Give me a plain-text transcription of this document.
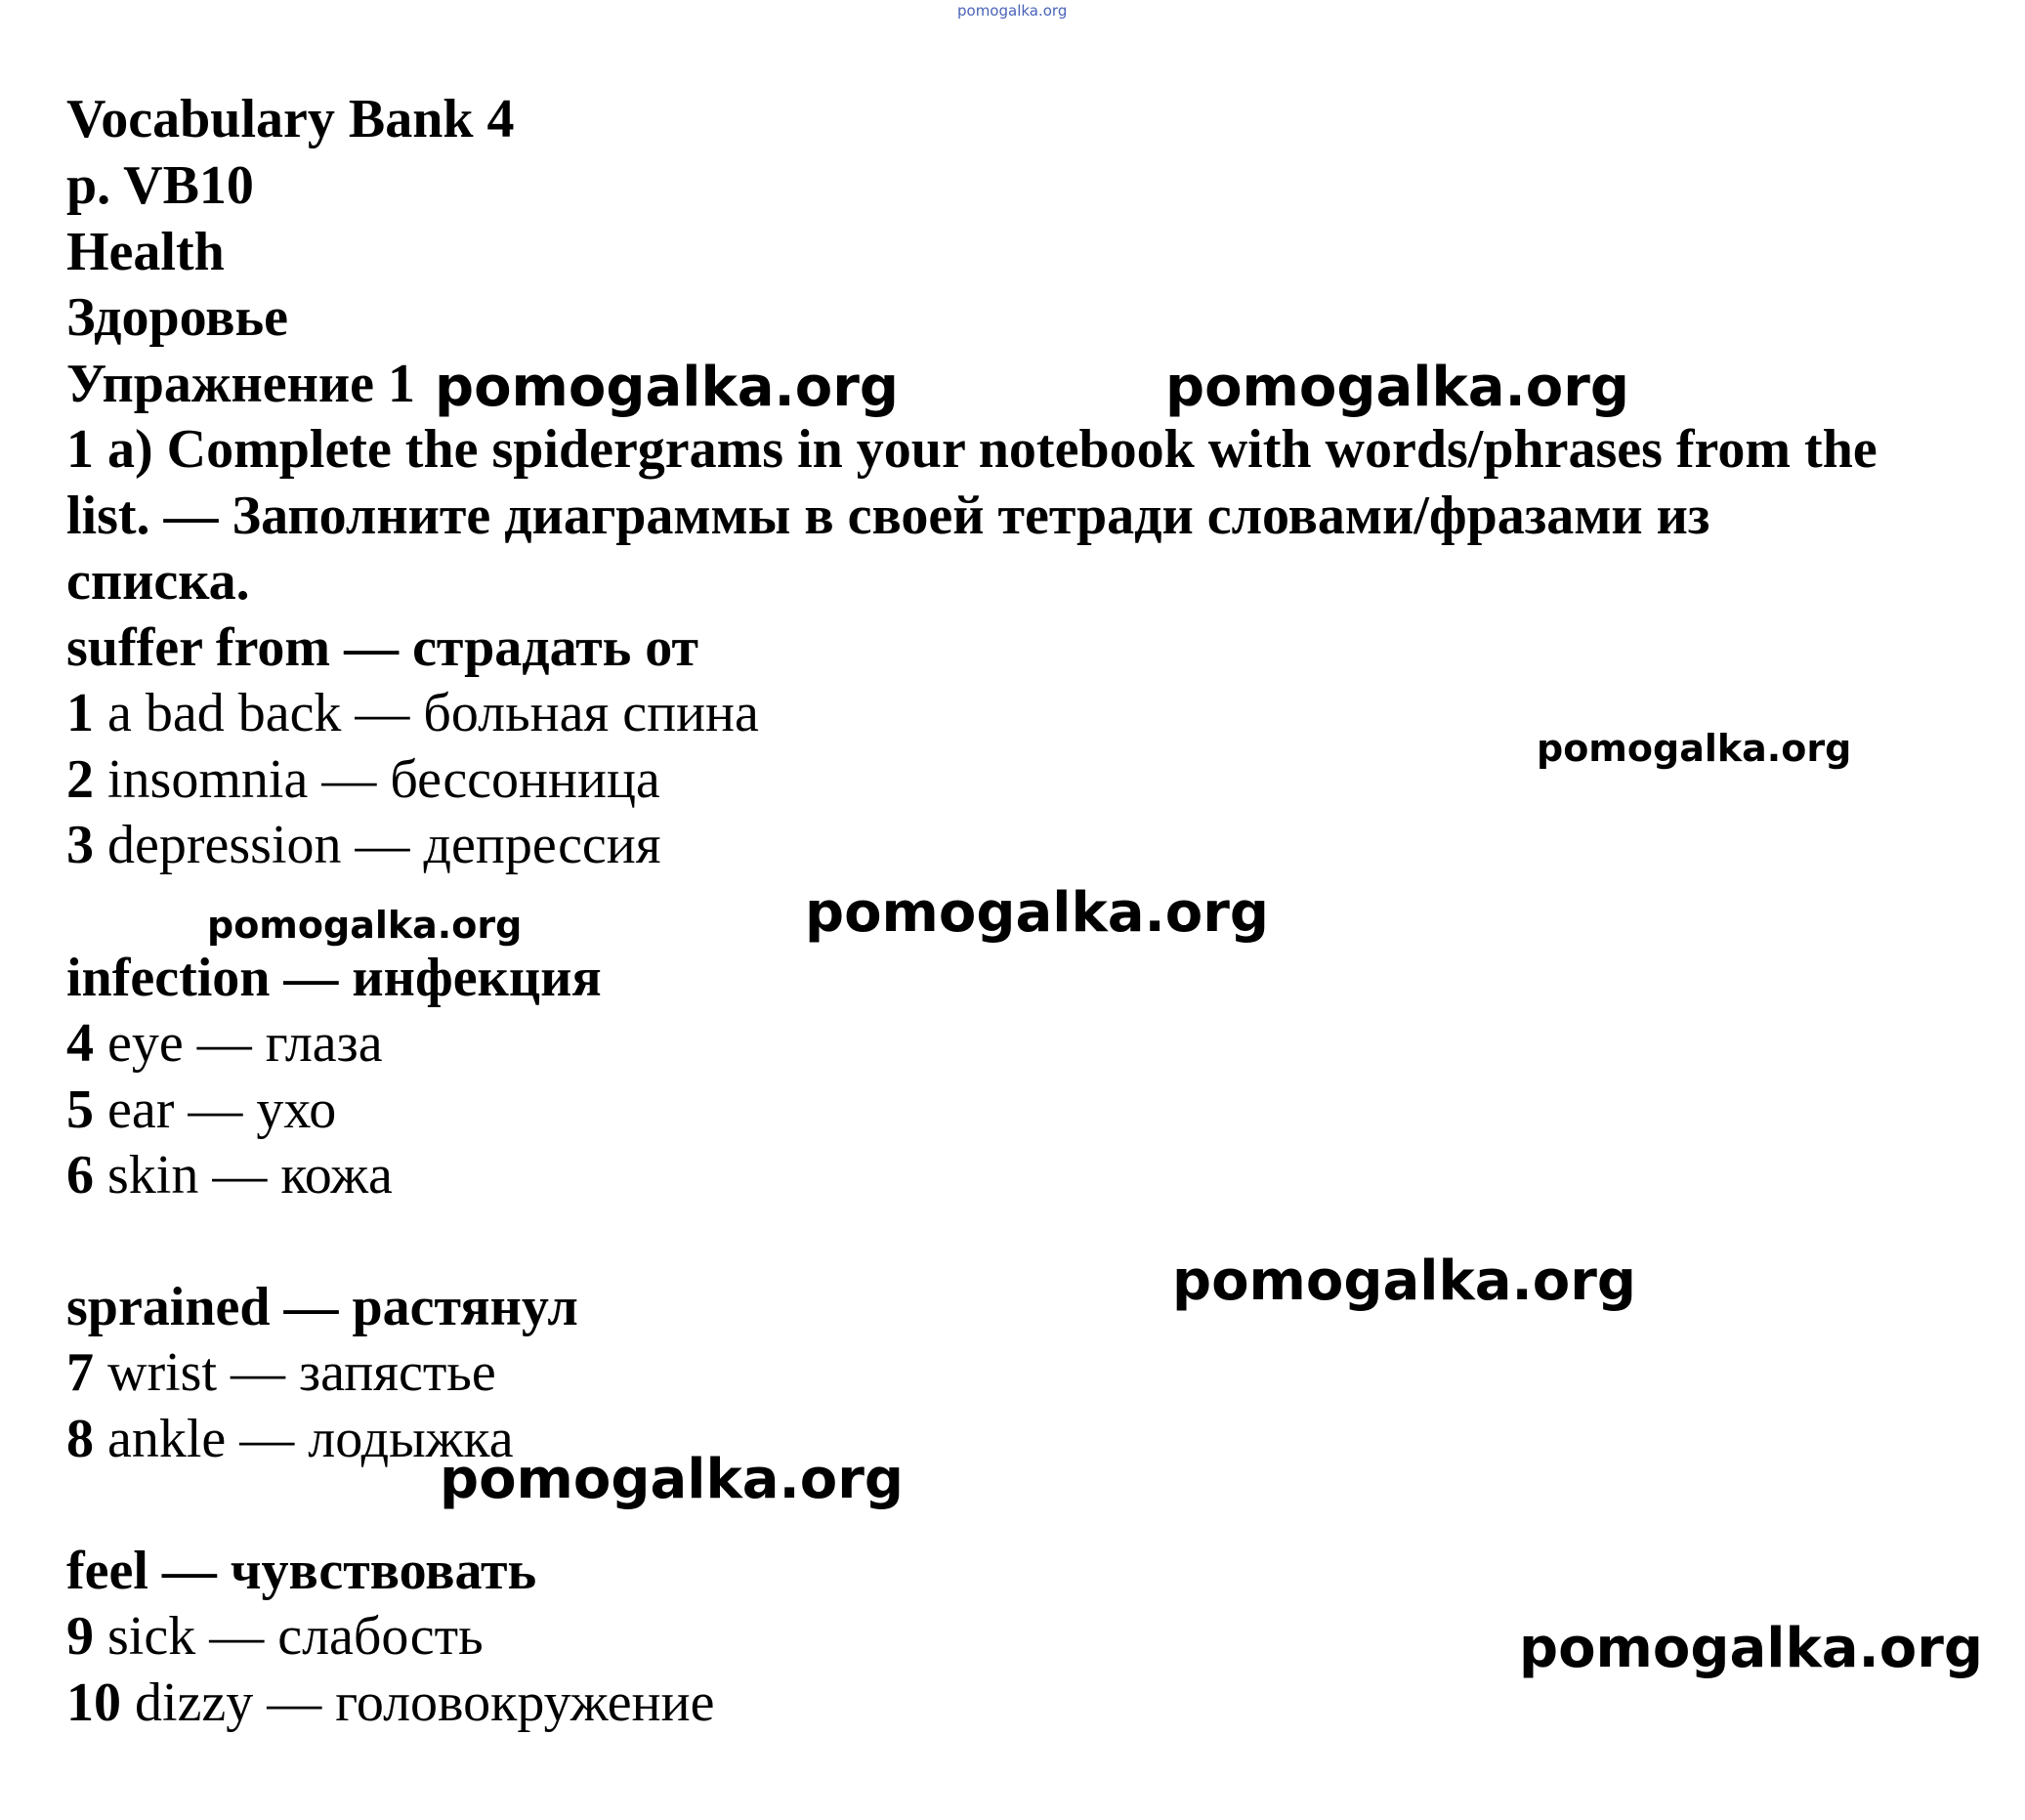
pomogalka.org
Vocabulary Bank 4
p. VB10
Health
Здоровье
Упражнение 1
1 a) Complete the spidergrams in your notebook with words/phrases from the
list. — Заполните диаграммы в своей тетради словами/фразами из
списка.
suffer from — страдать от
1 a bad back — больная спина
2 insomnia — бессонница
3 depression — депрессия
infection — инфекция
4 eye — глаза
5 ear — ухо
6 skin — кожа
sprained — растянул
7 wrist — запястье
8 ankle — лодыжка
feel — чувствовать
9 sick — слабость
10 dizzy — головокружение
pomogalka.org	pomogalka.org
pomogalka.org
pomogalka.org	pomogalka.org
pomogalka.org
pomogalka.org
pomogalka.org
